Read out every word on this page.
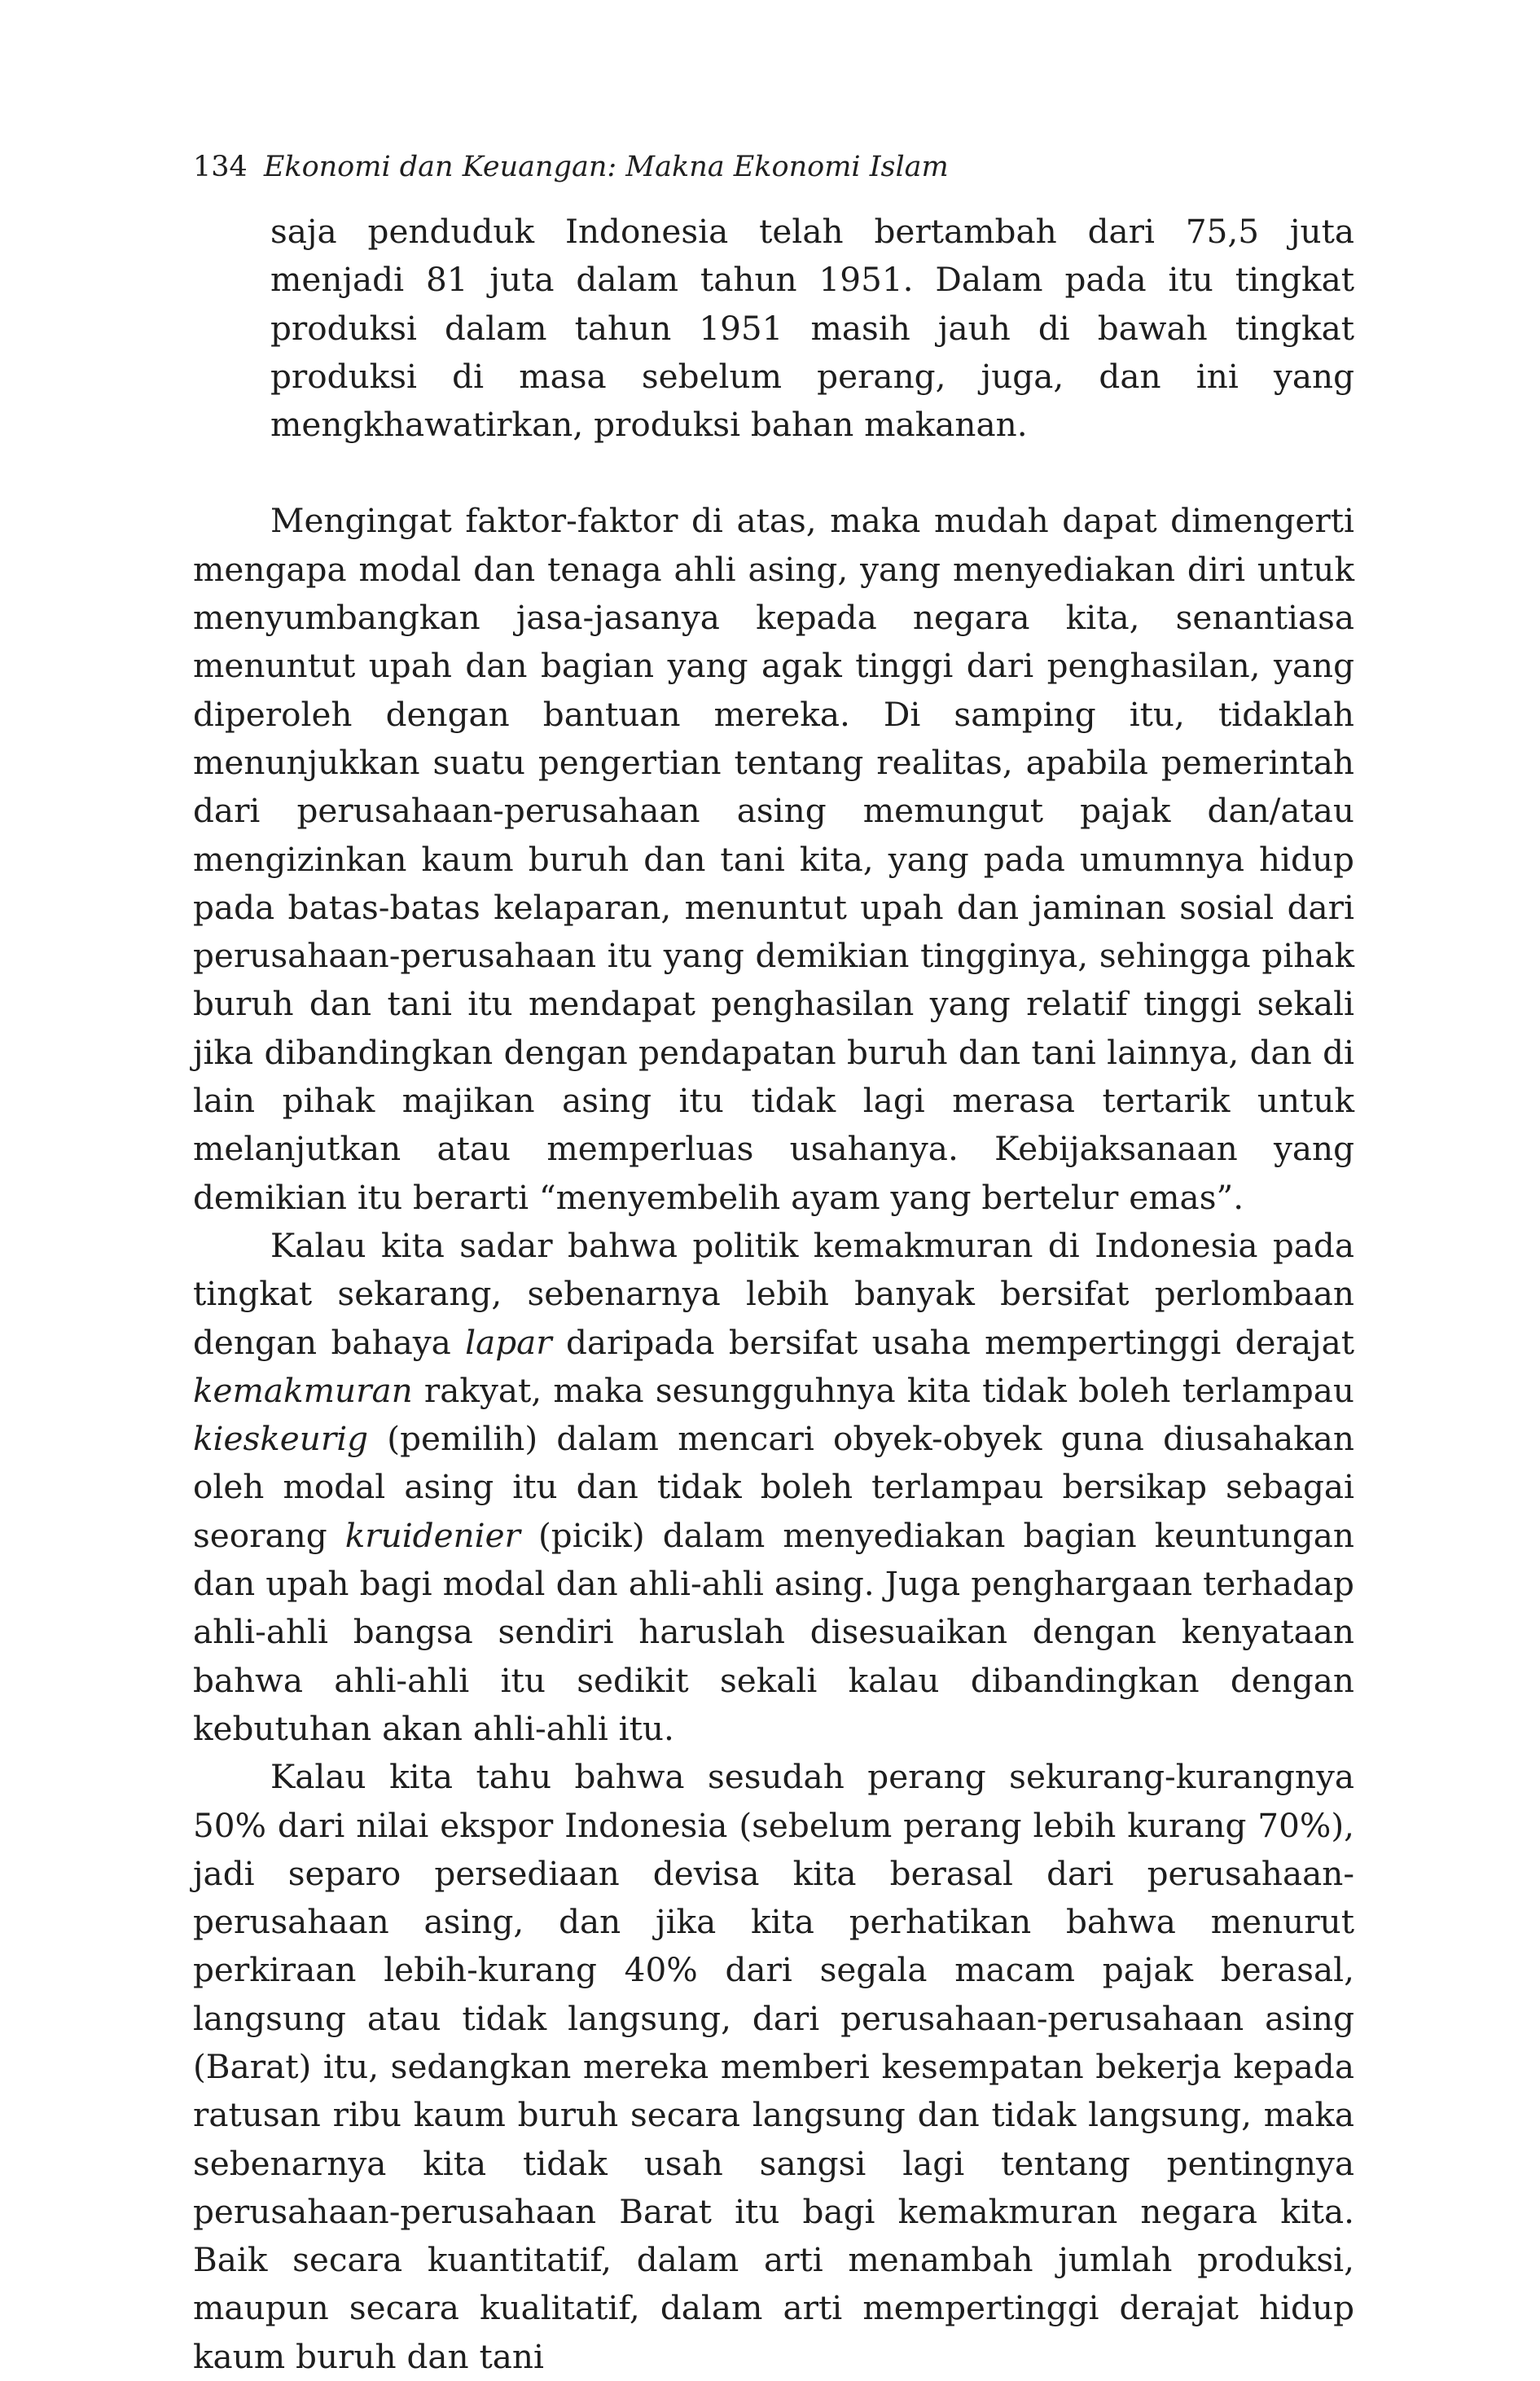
134 Ekonomi dan Keuangan: Makna Ekonomi Islam

saja penduduk Indonesia telah bertambah dari 75,5 juta menjadi 81 juta dalam tahun 1951. Dalam pada itu tingkat produksi dalam tahun 1951 masih jauh di bawah tingkat produksi di masa sebelum perang, juga, dan ini yang mengkhawatirkan, produksi bahan makanan.

Mengingat faktor-faktor di atas, maka mudah dapat dimengerti mengapa modal dan tenaga ahli asing, yang menyediakan diri untuk menyumbangkan jasa-jasanya kepada negara kita, senantiasa menuntut upah dan bagian yang agak tinggi dari penghasilan, yang diperoleh dengan bantuan mereka. Di samping itu, tidaklah menunjukkan suatu pengertian tentang realitas, apabila pemerintah dari perusahaan-perusahaan asing memungut pajak dan/atau mengizinkan kaum buruh dan tani kita, yang pada umumnya hidup pada batas-batas kelaparan, menuntut upah dan jaminan sosial dari perusahaan-perusahaan itu yang demikian tingginya, sehingga pihak buruh dan tani itu mendapat penghasilan yang relatif tinggi sekali jika dibandingkan dengan pendapatan buruh dan tani lainnya, dan di lain pihak majikan asing itu tidak lagi merasa tertarik untuk melanjutkan atau memperluas usahanya. Kebijaksanaan yang demikian itu berarti “menyembelih ayam yang bertelur emas”.

Kalau kita sadar bahwa politik kemakmuran di Indonesia pada tingkat sekarang, sebenarnya lebih banyak bersifat perlombaan dengan bahaya lapar daripada bersifat usaha mempertinggi derajat kemakmuran rakyat, maka sesungguhnya kita tidak boleh terlampau kieskeurig (pemilih) dalam mencari obyek-obyek guna diusahakan oleh modal asing itu dan tidak boleh terlampau bersikap sebagai seorang kruidenier (picik) dalam menyediakan bagian keuntungan dan upah bagi modal dan ahli-ahli asing. Juga penghargaan terhadap ahli-ahli bangsa sendiri haruslah disesuaikan dengan kenyataan bahwa ahli-ahli itu sedikit sekali kalau dibandingkan dengan kebutuhan akan ahli-ahli itu.

Kalau kita tahu bahwa sesudah perang sekurang-kurangnya 50% dari nilai ekspor Indonesia (sebelum perang lebih kurang 70%), jadi separo persediaan devisa kita berasal dari perusahaan-perusahaan asing, dan jika kita perhatikan bahwa menurut perkiraan lebih-kurang 40% dari segala macam pajak berasal, langsung atau tidak langsung, dari perusahaan-perusahaan asing (Barat) itu, sedangkan mereka memberi kesempatan bekerja kepada ratusan ribu kaum buruh secara langsung dan tidak langsung, maka sebenarnya kita tidak usah sangsi lagi tentang pentingnya perusahaan-perusahaan Barat itu bagi kemakmuran negara kita. Baik secara kuantitatif, dalam arti menambah jumlah produksi, maupun secara kualitatif, dalam arti mempertinggi derajat hidup kaum buruh dan tani
